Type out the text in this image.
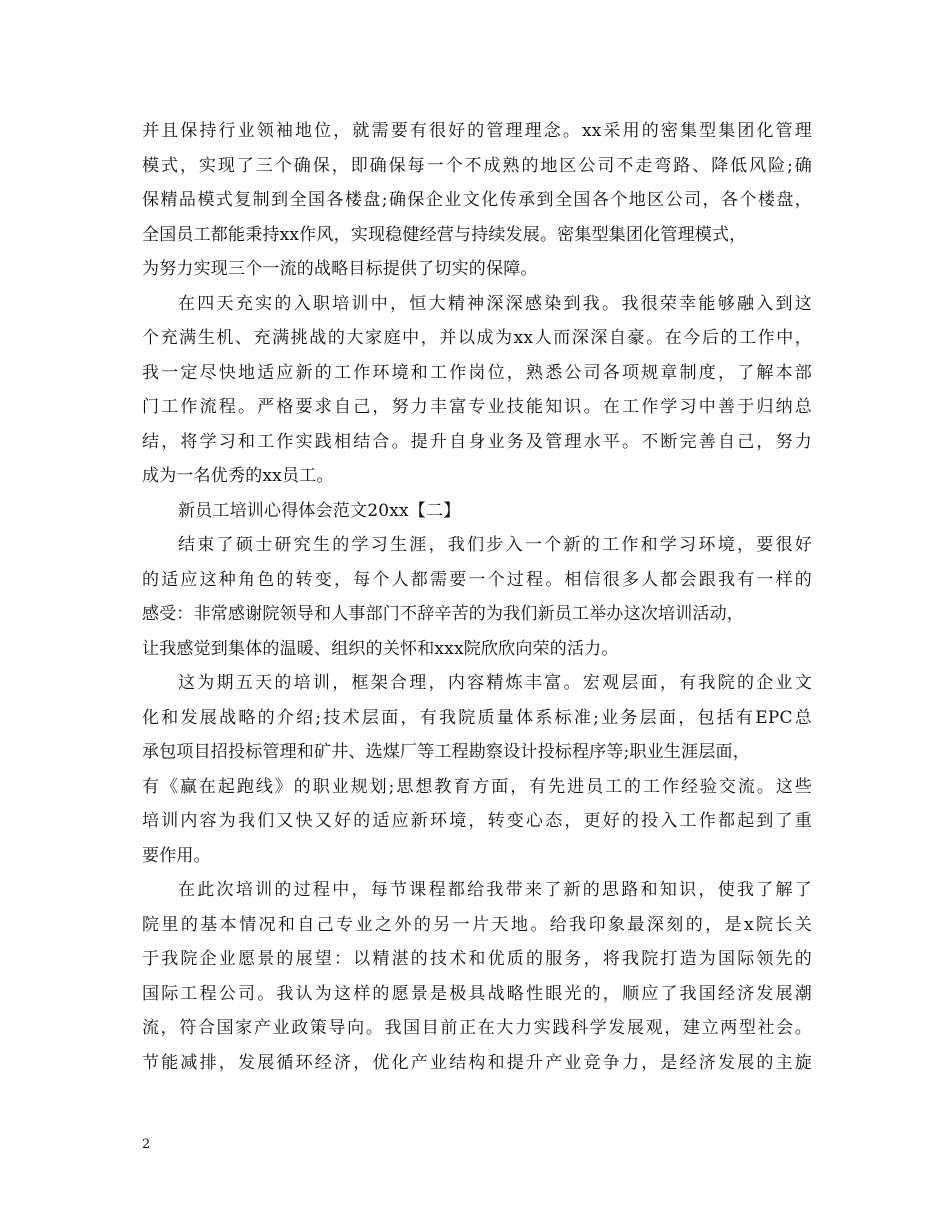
并且保持行业领袖地位，就需要有很好的管理理念。xx采用的密集型集团化管理
模式，实现了三个确保，即确保每一个不成熟的地区公司不走弯路、降低风险;确
保精品模式复制到全国各楼盘;确保企业文化传承到全国各个地区公司，各个楼盘，
全国员工都能秉持xx作风，实现稳健经营与持续发展。密集型集团化管理模式，
为努力实现三个一流的战略目标提供了切实的保障。
在四天充实的入职培训中，恒大精神深深感染到我。我很荣幸能够融入到这
个充满生机、充满挑战的大家庭中，并以成为xx人而深深自豪。在今后的工作中，
我一定尽快地适应新的工作环境和工作岗位，熟悉公司各项规章制度，了解本部
门工作流程。严格要求自己，努力丰富专业技能知识。在工作学习中善于归纳总
结，将学习和工作实践相结合。提升自身业务及管理水平。不断完善自己，努力
成为一名优秀的xx员工。
新员工培训心得体会范文20xx【二】
结束了硕士研究生的学习生涯，我们步入一个新的工作和学习环境，要很好
的适应这种角色的转变，每个人都需要一个过程。相信很多人都会跟我有一样的
感受：非常感谢院领导和人事部门不辞辛苦的为我们新员工举办这次培训活动，
让我感觉到集体的温暖、组织的关怀和xxx院欣欣向荣的活力。
这为期五天的培训，框架合理，内容精炼丰富。宏观层面，有我院的企业文
化和发展战略的介绍;技术层面，有我院质量体系标准;业务层面，包括有EPC总
承包项目招投标管理和矿井、选煤厂等工程勘察设计投标程序等;职业生涯层面，
有《赢在起跑线》的职业规划;思想教育方面，有先进员工的工作经验交流。这些
培训内容为我们又快又好的适应新环境，转变心态，更好的投入工作都起到了重
要作用。
在此次培训的过程中，每节课程都给我带来了新的思路和知识，使我了解了
院里的基本情况和自己专业之外的另一片天地。给我印象最深刻的，是x院长关
于我院企业愿景的展望：以精湛的技术和优质的服务，将我院打造为国际领先的
国际工程公司。我认为这样的愿景是极具战略性眼光的，顺应了我国经济发展潮
流，符合国家产业政策导向。我国目前正在大力实践科学发展观，建立两型社会。
节能减排，发展循环经济，优化产业结构和提升产业竞争力，是经济发展的主旋
2
